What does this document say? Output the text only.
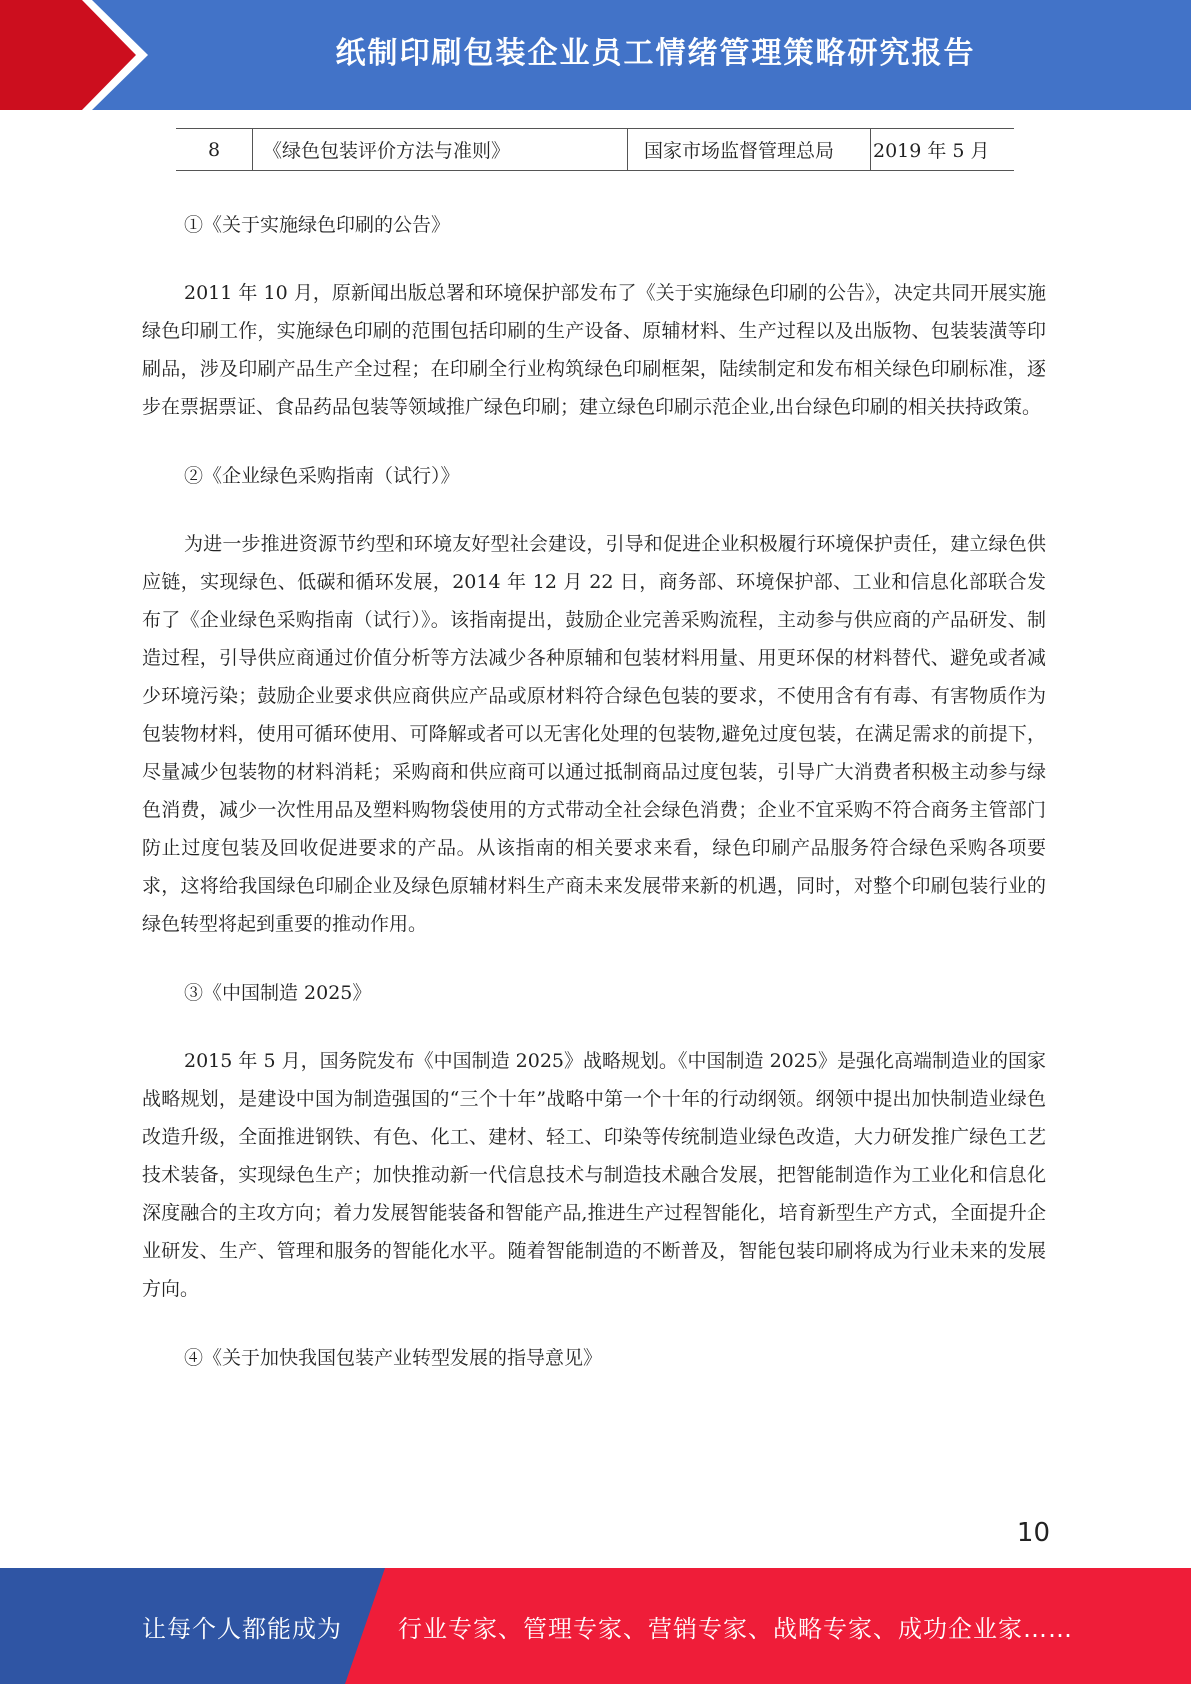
纸制印刷包装企业员工情绪管理策略研究报告
8	《绿色包装评价方法与准则》	国家市场监督管理总局	2019 年 5 月

①《关于实施绿色印刷的公告》

2011 年 10 月，原新闻出版总署和环境保护部发布了《关于实施绿色印刷的公告》，决定共同开展实施绿色印刷工作，实施绿色印刷的范围包括印刷的生产设备、原辅材料、生产过程以及出版物、包装装潢等印刷品，涉及印刷产品生产全过程；在印刷全行业构筑绿色印刷框架，陆续制定和发布相关绿色印刷标准，逐步在票据票证、食品药品包装等领域推广绿色印刷；建立绿色印刷示范企业,出台绿色印刷的相关扶持政策。

②《企业绿色采购指南（试行）》

为进一步推进资源节约型和环境友好型社会建设，引导和促进企业积极履行环境保护责任，建立绿色供应链，实现绿色、低碳和循环发展，2014 年 12 月 22 日，商务部、环境保护部、工业和信息化部联合发布了《企业绿色采购指南（试行）》。该指南提出，鼓励企业完善采购流程，主动参与供应商的产品研发、制造过程，引导供应商通过价值分析等方法减少各种原辅和包装材料用量、用更环保的材料替代、避免或者减少环境污染；鼓励企业要求供应商供应产品或原材料符合绿色包装的要求，不使用含有有毒、有害物质作为包装物材料，使用可循环使用、可降解或者可以无害化处理的包装物,避免过度包装，在满足需求的前提下，尽量减少包装物的材料消耗；采购商和供应商可以通过抵制商品过度包装，引导广大消费者积极主动参与绿色消费，减少一次性用品及塑料购物袋使用的方式带动全社会绿色消费；企业不宜采购不符合商务主管部门防止过度包装及回收促进要求的产品。从该指南的相关要求来看，绿色印刷产品服务符合绿色采购各项要求，这将给我国绿色印刷企业及绿色原辅材料生产商未来发展带来新的机遇，同时，对整个印刷包装行业的绿色转型将起到重要的推动作用。

③《中国制造 2025》

2015 年 5 月，国务院发布《中国制造 2025》战略规划。《中国制造 2025》是强化高端制造业的国家战略规划，是建设中国为制造强国的“三个十年”战略中第一个十年的行动纲领。纲领中提出加快制造业绿色改造升级，全面推进钢铁、有色、化工、建材、轻工、印染等传统制造业绿色改造，大力研发推广绿色工艺技术装备，实现绿色生产；加快推动新一代信息技术与制造技术融合发展，把智能制造作为工业化和信息化深度融合的主攻方向；着力发展智能装备和智能产品,推进生产过程智能化，培育新型生产方式，全面提升企业研发、生产、管理和服务的智能化水平。随着智能制造的不断普及，智能包装印刷将成为行业未来的发展方向。

④《关于加快我国包装产业转型发展的指导意见》

10
让每个人都能成为 行业专家、管理专家、营销专家、战略专家、成功企业家……
